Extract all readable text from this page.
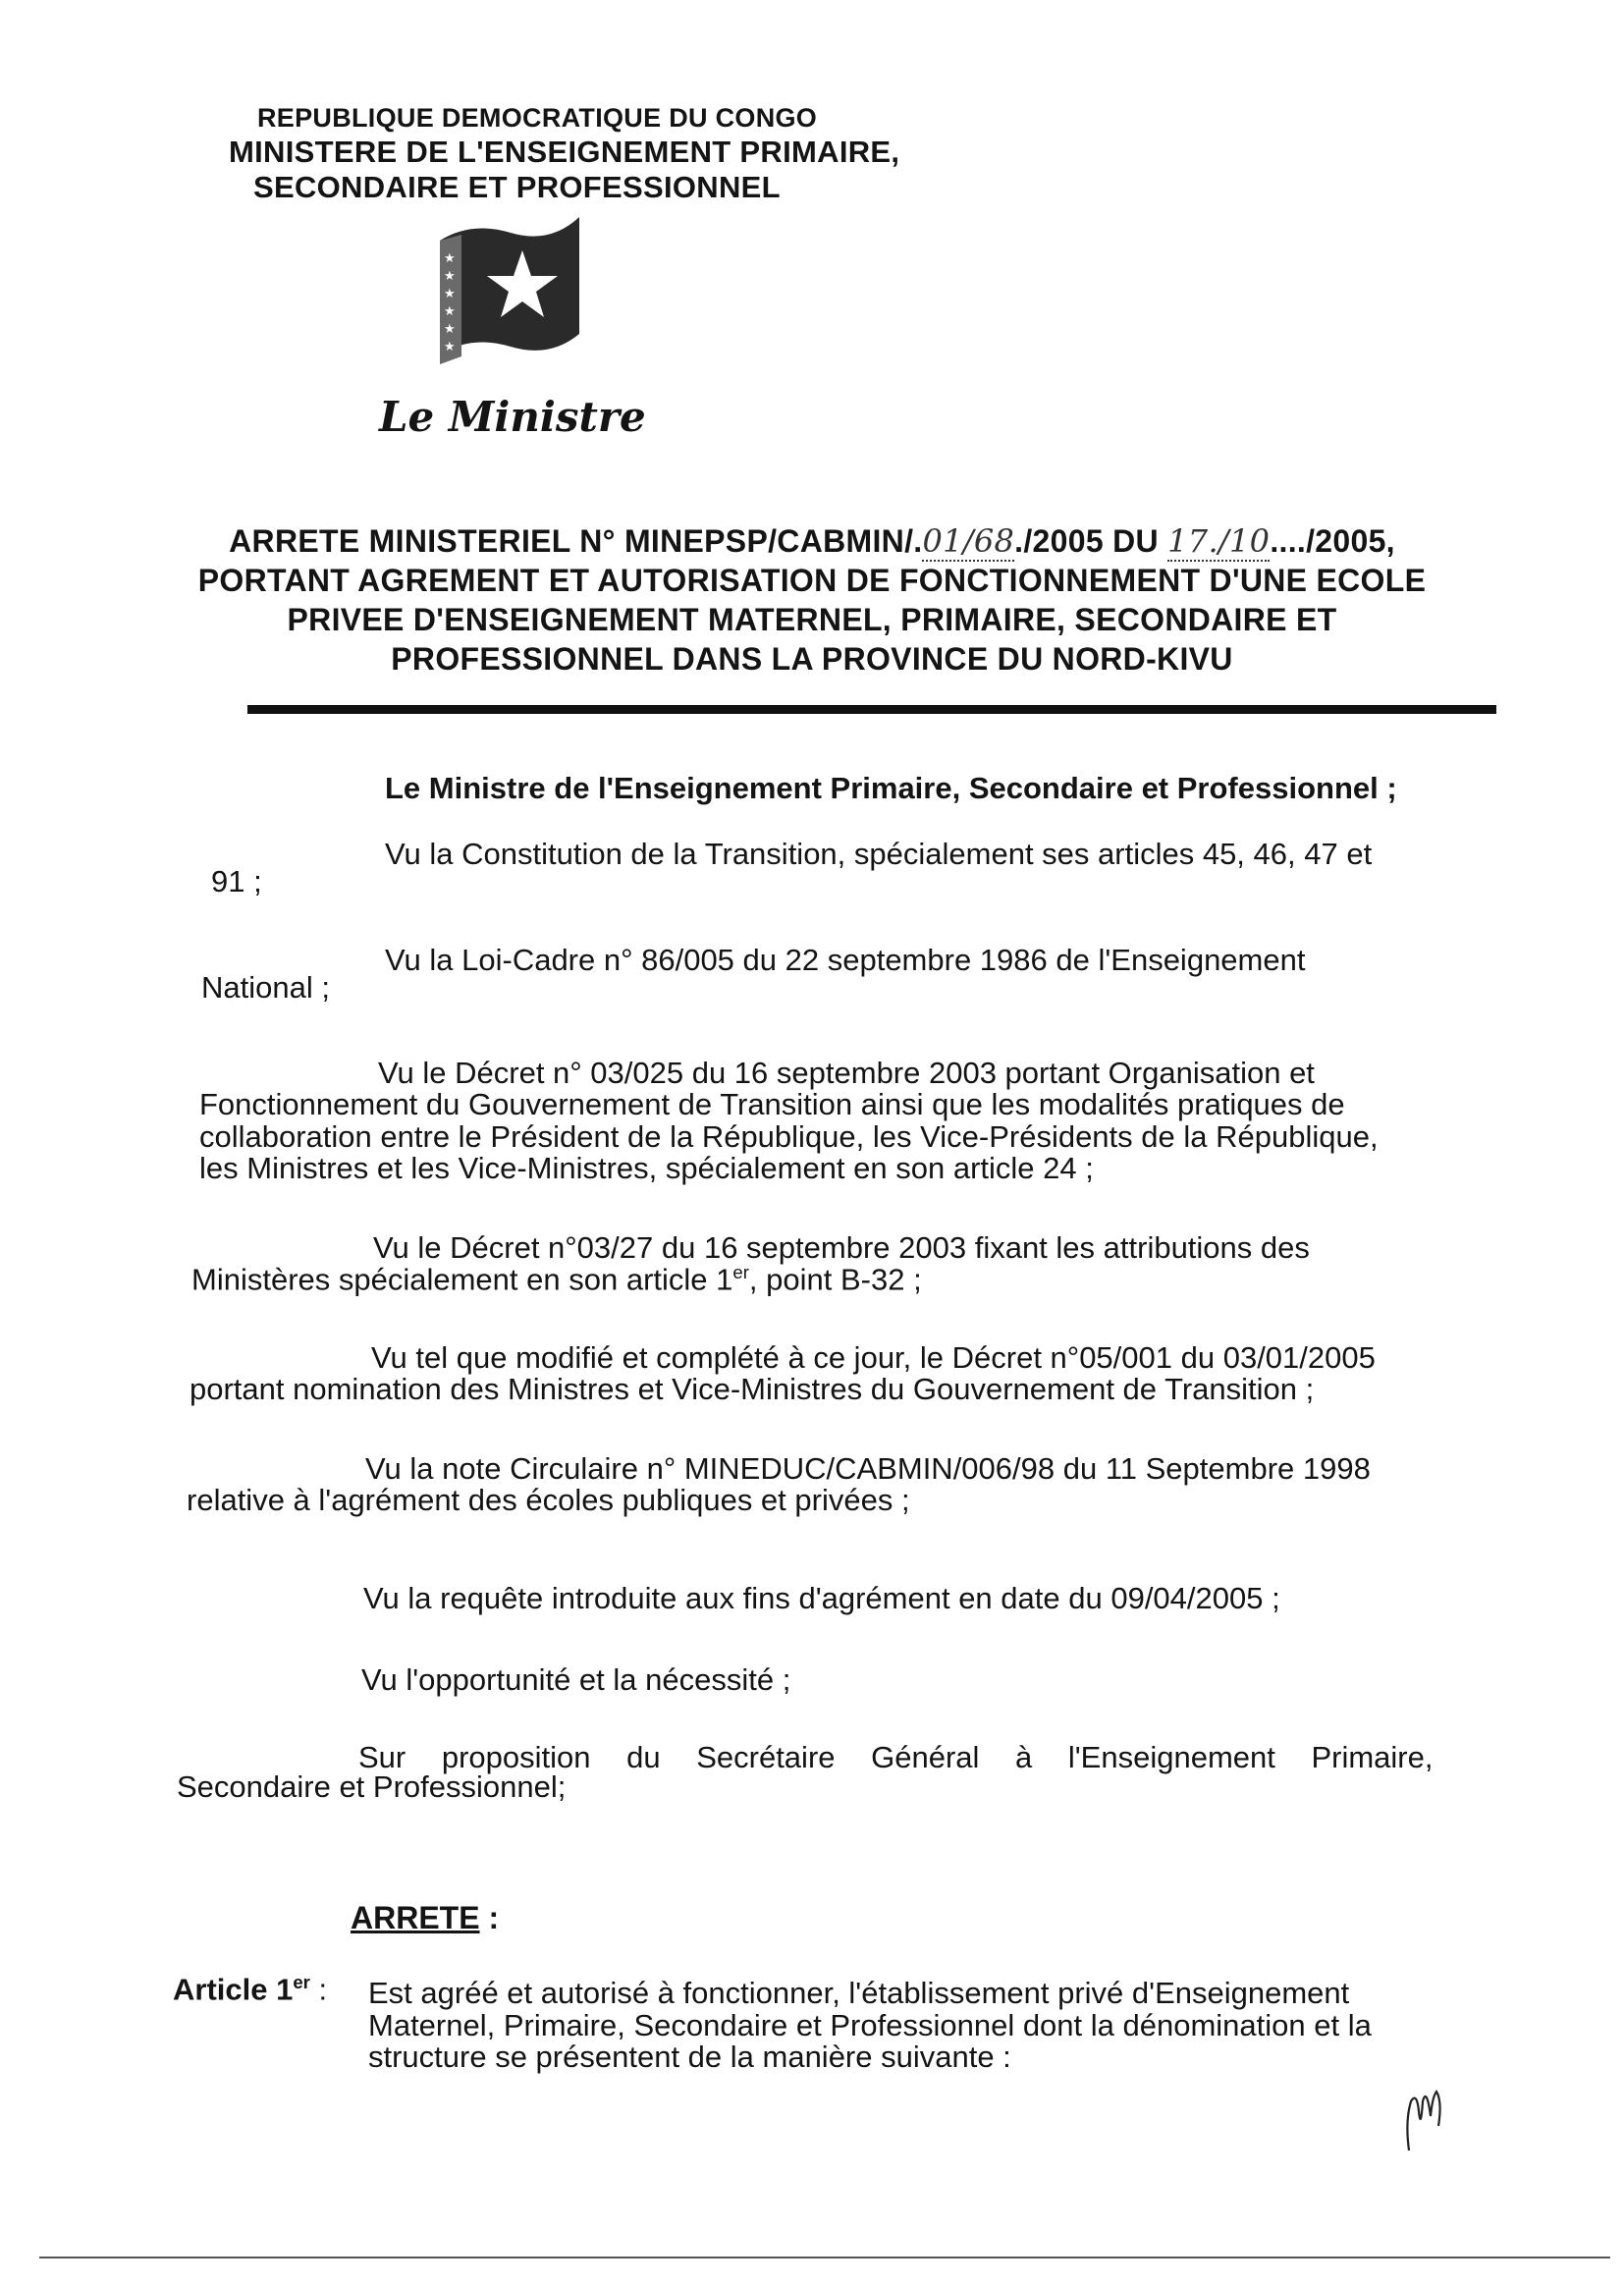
REPUBLIQUE DEMOCRATIQUE DU CONGO
MINISTERE DE L'ENSEIGNEMENT PRIMAIRE,
SECONDAIRE ET PROFESSIONNEL
★
★
★
★
★
★
Le Ministre
ARRETE MINISTERIEL N° MINEPSP/CABMIN/.01/68./2005 DU 17./10..../2005,
PORTANT AGREMENT ET AUTORISATION DE FONCTIONNEMENT D'UNE ECOLE
PRIVEE D'ENSEIGNEMENT MATERNEL, PRIMAIRE, SECONDAIRE ET
PROFESSIONNEL DANS LA PROVINCE DU NORD-KIVU
Le Ministre de l'Enseignement Primaire, Secondaire et Professionnel ;
Vu la Constitution de la Transition, spécialement ses articles 45, 46, 47 et
91 ;
Vu la Loi-Cadre n° 86/005 du 22 septembre 1986 de l'Enseignement
National ;
Vu le Décret n° 03/025 du 16 septembre 2003 portant Organisation et
Fonctionnement du Gouvernement de Transition ainsi que les modalités pratiques de
collaboration entre le Président de la République, les Vice-Présidents de la République,
les Ministres et les Vice-Ministres, spécialement en son article 24 ;
Vu le Décret n°03/27 du 16 septembre 2003 fixant les attributions des
Ministères spécialement en son article 1er, point B-32 ;
Vu tel que modifié et complété à ce jour, le Décret n°05/001 du 03/01/2005
portant nomination des Ministres et Vice-Ministres du Gouvernement de Transition ;
Vu la note Circulaire n° MINEDUC/CABMIN/006/98 du 11 Septembre 1998
relative à l'agrément des écoles publiques et privées ;
Vu la requête introduite aux fins d'agrément en date du 09/04/2005 ;
Vu l'opportunité et la nécessité ;
Sur proposition du Secrétaire Général à l'Enseignement Primaire,
Secondaire et Professionnel;
ARRETE :
Article 1er : Est agréé et autorisé à fonctionner, l'établissement privé d'Enseignement
Maternel, Primaire, Secondaire et Professionnel dont la dénomination et la
structure se présentent de la manière suivante :
